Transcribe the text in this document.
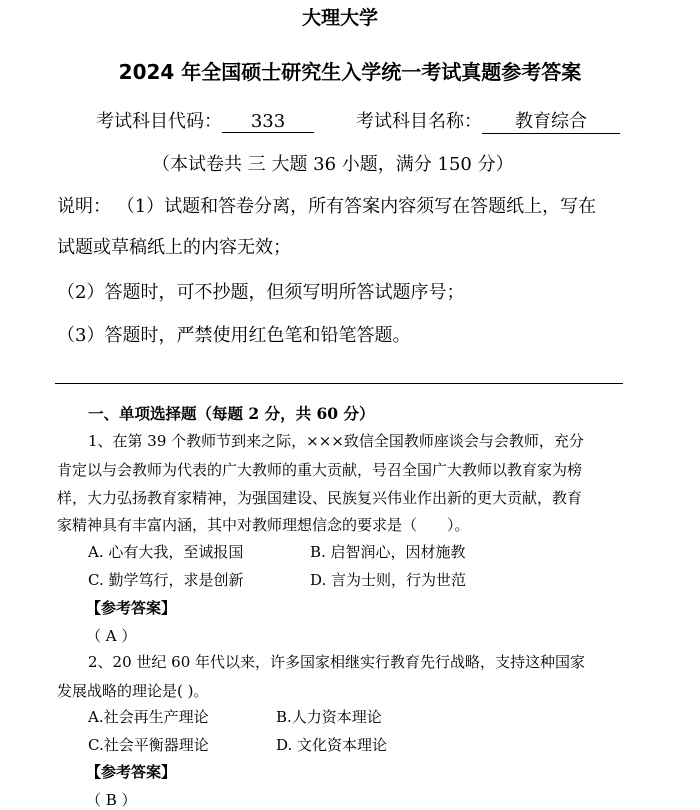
大理大学
2024 年全国硕士研究生入学统一考试真题参考答案
考试科目代码： 333	考试科目名称： 教育综合
（本试卷共 三 大题 36 小题，满分 150 分）
说明： （1）试题和答卷分离，所有答案内容须写在答题纸上，写在
试题或草稿纸上的内容无效；
（2）答题时，可不抄题，但须写明所答试题序号；
（3）答题时，严禁使用红色笔和铅笔答题。
一、单项选择题（每题 2 分，共 60 分）
1、在第 39 个教师节到来之际，×××致信全国教师座谈会与会教师，充分
肯定以与会教师为代表的广大教师的重大贡献，号召全国广大教师以教育家为榜
样，大力弘扬教育家精神，为强国建设、民族复兴伟业作出新的更大贡献，教育
家精神具有丰富内涵，其中对教师理想信念的要求是（　　）。
A. 心有大我，至诚报国	B. 启智润心，因材施教
C. 勤学笃行，求是创新	D. 言为士则，行为世范
【参考答案】
（ A ）
2、20 世纪 60 年代以来，许多国家相继实行教育先行战略，支持这种国家
发展战略的理论是( )。
A.社会再生产理论	B.人力资本理论
C.社会平衡器理论	D. 文化资本理论
【参考答案】
（ B ）
